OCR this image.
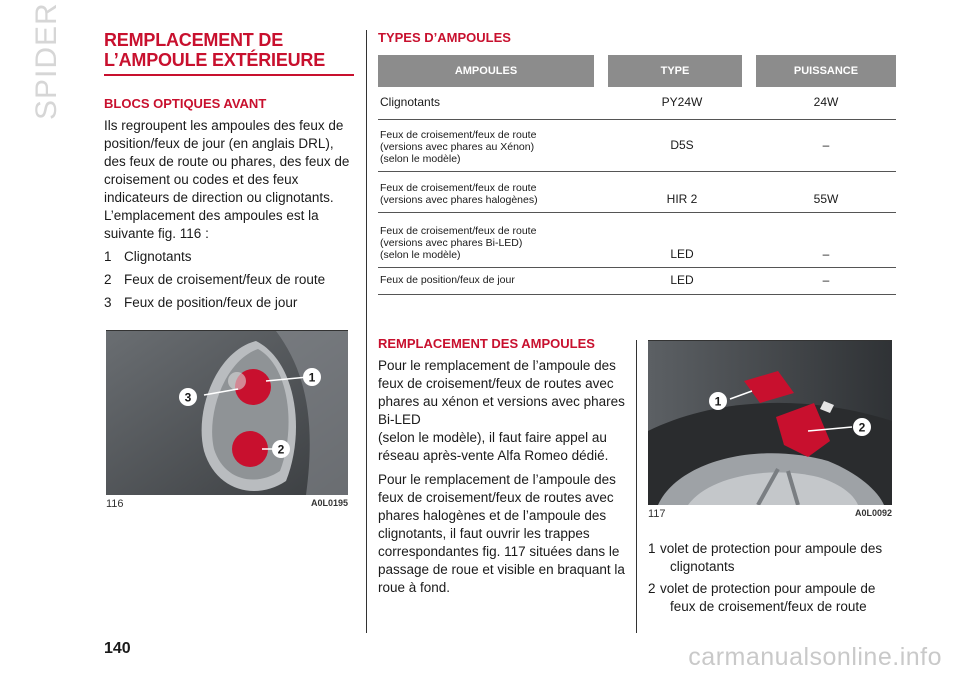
SPIDER REMPLACEMENT DE
L’AMPOULE EXTÉRIEURE
BLOCS OPTIQUES AVANT
Ils regroupent les ampoules des feux de
position/feux de jour (en anglais DRL),
des feux de route ou phares, des feux de
croisement ou codes et des feux
indicateurs de direction ou clignotants.
L’emplacement des ampoules est la
suivante fig. 116 :
1 Clignotants
2 Feux de croisement/feux de route
3 Feux de position/feux de jour
1
2
3
116	A0L0195
TYPES D’AMPOULES
AMPOULES	TYPE	PUISSANCE
Clignotants	PY24W	24W

Feux de croisement/feux de route
(versions avec phares au Xénon)
(selon le modèle)	D5S	–

Feux de croisement/feux de route
(versions avec phares halogènes)	HIR 2	55W

Feux de croisement/feux de route
(versions avec phares Bi-LED)
(selon le modèle)	LED	–
Feux de position/feux de jour	LED	–
REMPLACEMENT DES AMPOULES
Pour le remplacement de l’ampoule des
feux de croisement/feux de routes avec
phares au xénon et versions avec phares
Bi-LED
(selon le modèle), il faut faire appel au
réseau après-vente Alfa Romeo dédié.
Pour le remplacement de l’ampoule des
feux de croisement/feux de routes avec
phares halogènes et de l’ampoule des
clignotants, il faut ouvrir les trappes
correspondantes fig. 117 situées dans le
passage de roue et visible en braquant la
roue à fond.
1
2
117	A0L0092
1 volet de protection pour ampoule des
clignotants
2 volet de protection pour ampoule de
feux de croisement/feux de route
140	carmanualsonline.info
